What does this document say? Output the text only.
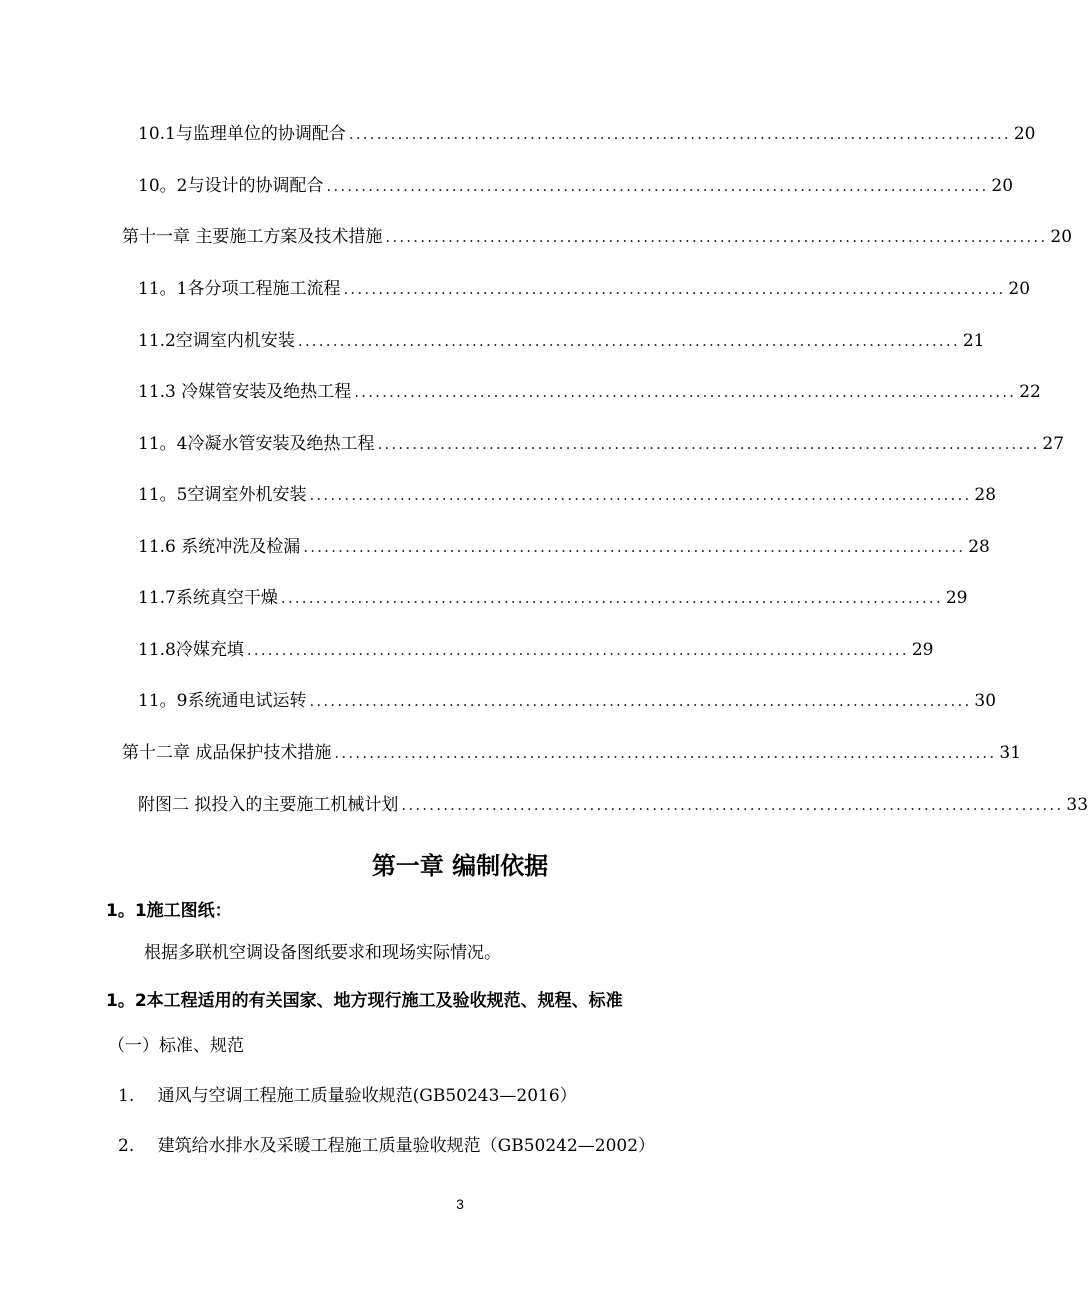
10.1与监理单位的协调配合 ............................................................................................... 20
10。2与设计的协调配合 ............................................................................................... 20
第十一章 主要施工方案及技术措施 ............................................................................................... 20
11。1各分项工程施工流程 ............................................................................................... 20
11.2空调室内机安装 ............................................................................................... 21
11.3 冷媒管安装及绝热工程 ............................................................................................... 22
11。4冷凝水管安装及绝热工程 ............................................................................................... 27
11。5空调室外机安装 ............................................................................................... 28
11.6 系统冲洗及检漏 ............................................................................................... 28
11.7系统真空干燥 ............................................................................................... 29
11.8冷媒充填 ............................................................................................... 29
11。9系统通电试运转 ............................................................................................... 30
第十二章 成品保护技术措施 ............................................................................................... 31
附图二 拟投入的主要施工机械计划 ............................................................................................... 33
第一章 编制依据
1。1施工图纸：
根据多联机空调设备图纸要求和现场实际情况。
1。2本工程适用的有关国家、地方现行施工及验收规范、规程、标准
（一）标准、规范
1. 通风与空调工程施工质量验收规范(GB50243—2016）
2. 建筑给水排水及采暖工程施工质量验收规范（GB50242—2002）
3
